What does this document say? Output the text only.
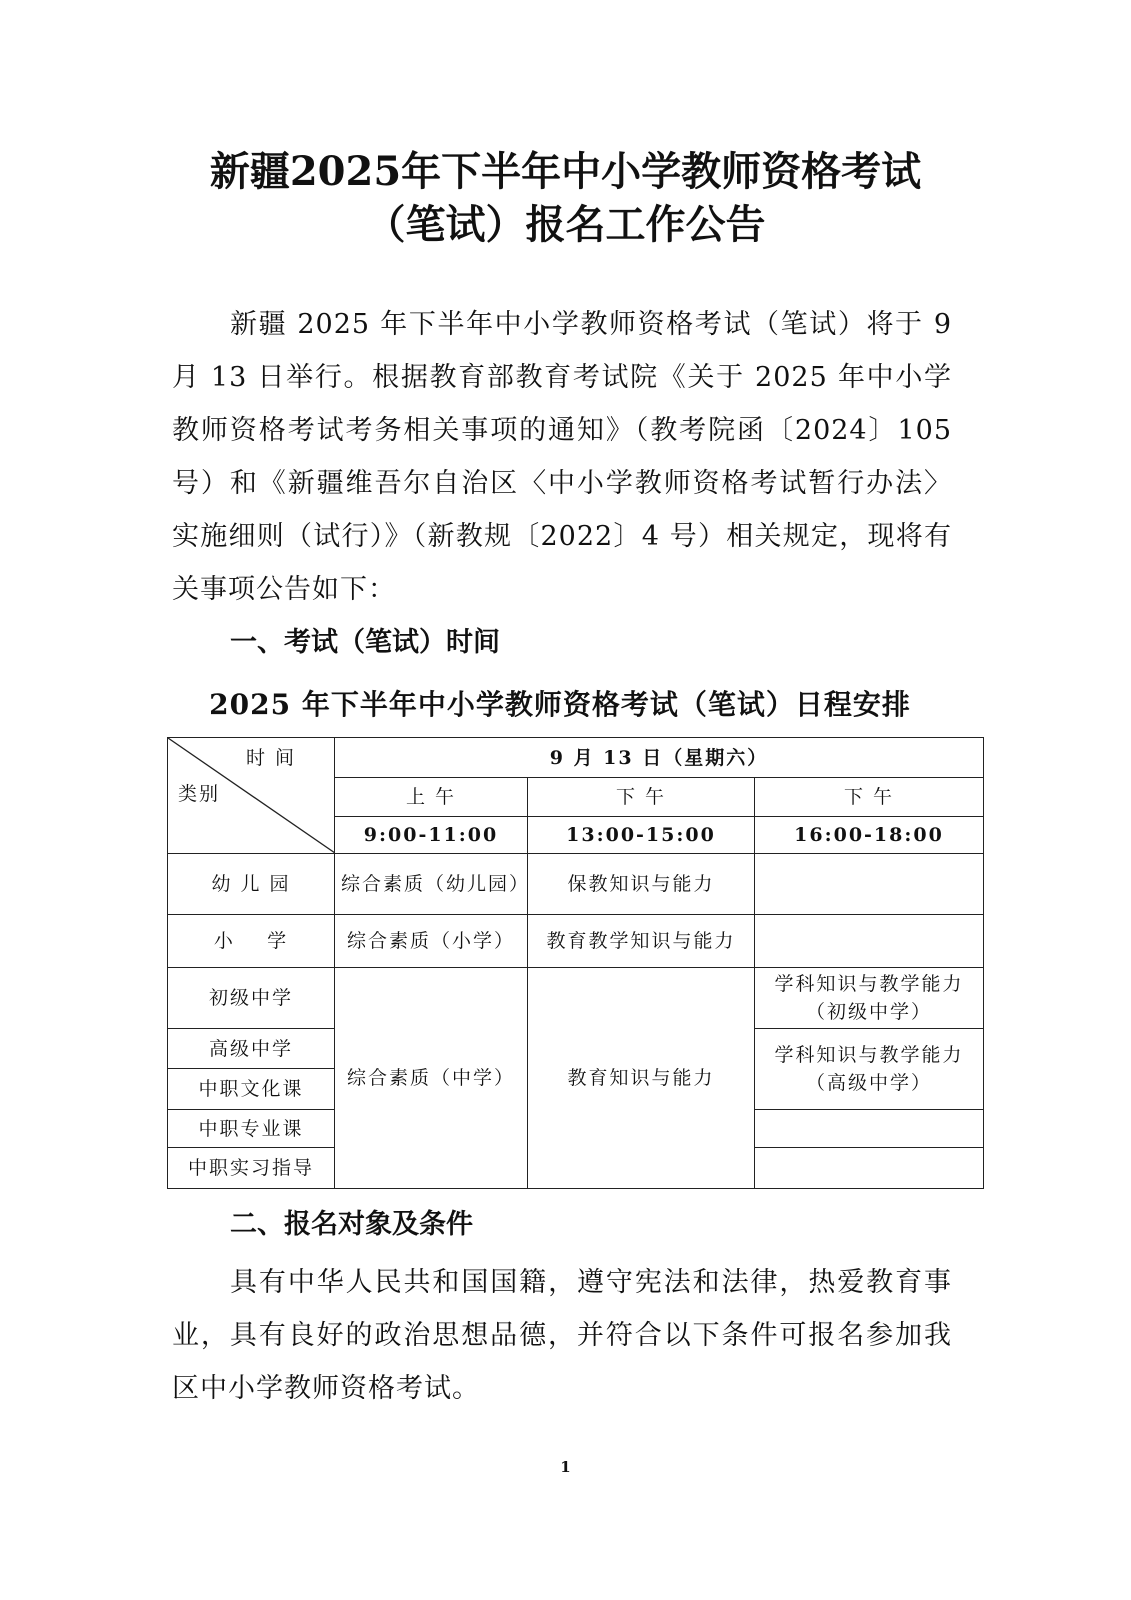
新疆2025年下半年中小学教师资格考试
（笔试）报名工作公告
新疆 2025 年下半年中小学教师资格考试（笔试）将于 9 月 13 日举行。根据教育部教育考试院《关于 2025 年中小学教师资格考试考务相关事项的通知》（教考院函〔2024〕105 号）和《新疆维吾尔自治区〈中小学教师资格考试暂行办法〉实施细则（试行）》（新教规〔2022〕4 号）相关规定，现将有关事项公告如下：
一、考试（笔试）时间
2025 年下半年中小学教师资格考试（笔试）日程安排
时 间
类别	9 月 13 日（星期六）		
	上 午	下 午	下 午
	9:00-11:00	13:00-15:00	16:00-18:00
幼 儿 园	综合素质（幼儿园）	保教知识与能力	
小    学	综合素质（小学）	教育教学知识与能力	
初级中学	综合素质（中学）	教育知识与能力	学科知识与教学能力（初级中学）
高级中学			学科知识与教学能力（高级中学）
中职文化课			
中职专业课			
中职实习指导			
二、报名对象及条件
具有中华人民共和国国籍，遵守宪法和法律，热爱教育事业，具有良好的政治思想品德，并符合以下条件可报名参加我区中小学教师资格考试。
1
